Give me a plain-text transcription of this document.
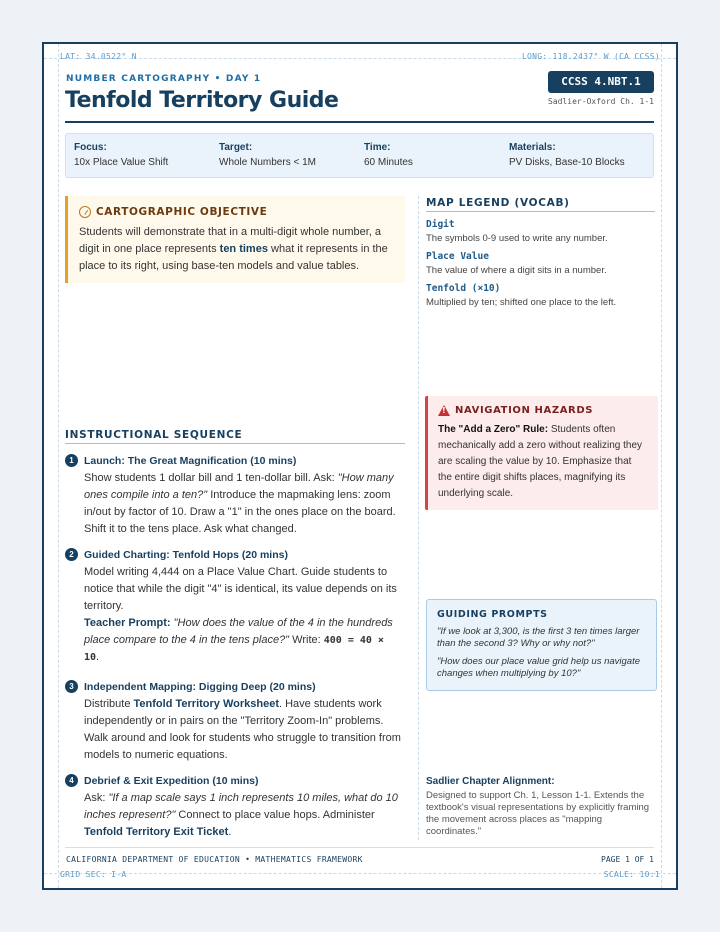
LAT: 34.0522° N	LONG: 118.2437° W (CA CCSS)
GRID SEC: I-A	SCALE: 10:1
NUMBER CARTOGRAPHY • DAY 1
Tenfold Territory Guide
CCSS 4.NBT.1
Sadlier-Oxford Ch. 1-1
Focus:
10x Place Value Shift
Target:
Whole Numbers < 1M
Time:
60 Minutes
Materials:
PV Disks, Base-10 Blocks
CARTOGRAPHIC OBJECTIVE
Students will demonstrate that in a multi-digit whole number, a digit in one place represents ten times what it represents in the place to its right, using base-ten models and value tables.
MAP LEGEND (VOCAB)
Digit
The symbols 0-9 used to write any number.
Place Value
The value of where a digit sits in a number.
Tenfold (×10)
Multiplied by ten; shifted one place to the left.
!
NAVIGATION HAZARDS
The "Add a Zero" Rule: Students often mechanically add a zero without realizing they are scaling the value by 10. Emphasize that the entire digit shifts places, magnifying its underlying scale.
INSTRUCTIONAL SEQUENCE
1 Launch: The Great Magnification (10 mins)
Show students 1 dollar bill and 1 ten-dollar bill. Ask: "How many ones compile into a ten?" Introduce the mapmaking lens: zoom in/out by factor of 10. Draw a "1" in the ones place on the board. Shift it to the tens place. Ask what changed.
2 Guided Charting: Tenfold Hops (20 mins)
Model writing 4,444 on a Place Value Chart. Guide students to notice that while the digit "4" is identical, its value depends on its territory.
Teacher Prompt: "How does the value of the 4 in the hundreds place compare to the 4 in the tens place?" Write: 400 = 40 × 10.
3 Independent Mapping: Digging Deep (20 mins)
Distribute Tenfold Territory Worksheet. Have students work independently or in pairs on the "Territory Zoom-In" problems. Walk around and look for students who struggle to transition from models to numeric equations.
4 Debrief & Exit Expedition (10 mins)
Ask: "If a map scale says 1 inch represents 10 miles, what do 10 inches represent?" Connect to place value hops. Administer Tenfold Territory Exit Ticket.
GUIDING PROMPTS
"If we look at 3,300, is the first 3 ten times larger than the second 3? Why or why not?"
"How does our place value grid help us navigate changes when multiplying by 10?"
Sadlier Chapter Alignment:
Designed to support Ch. 1, Lesson 1-1. Extends the textbook's visual representations by explicitly framing the movement across places as "mapping coordinates."
CALIFORNIA DEPARTMENT OF EDUCATION • MATHEMATICS FRAMEWORK	PAGE 1 OF 1
